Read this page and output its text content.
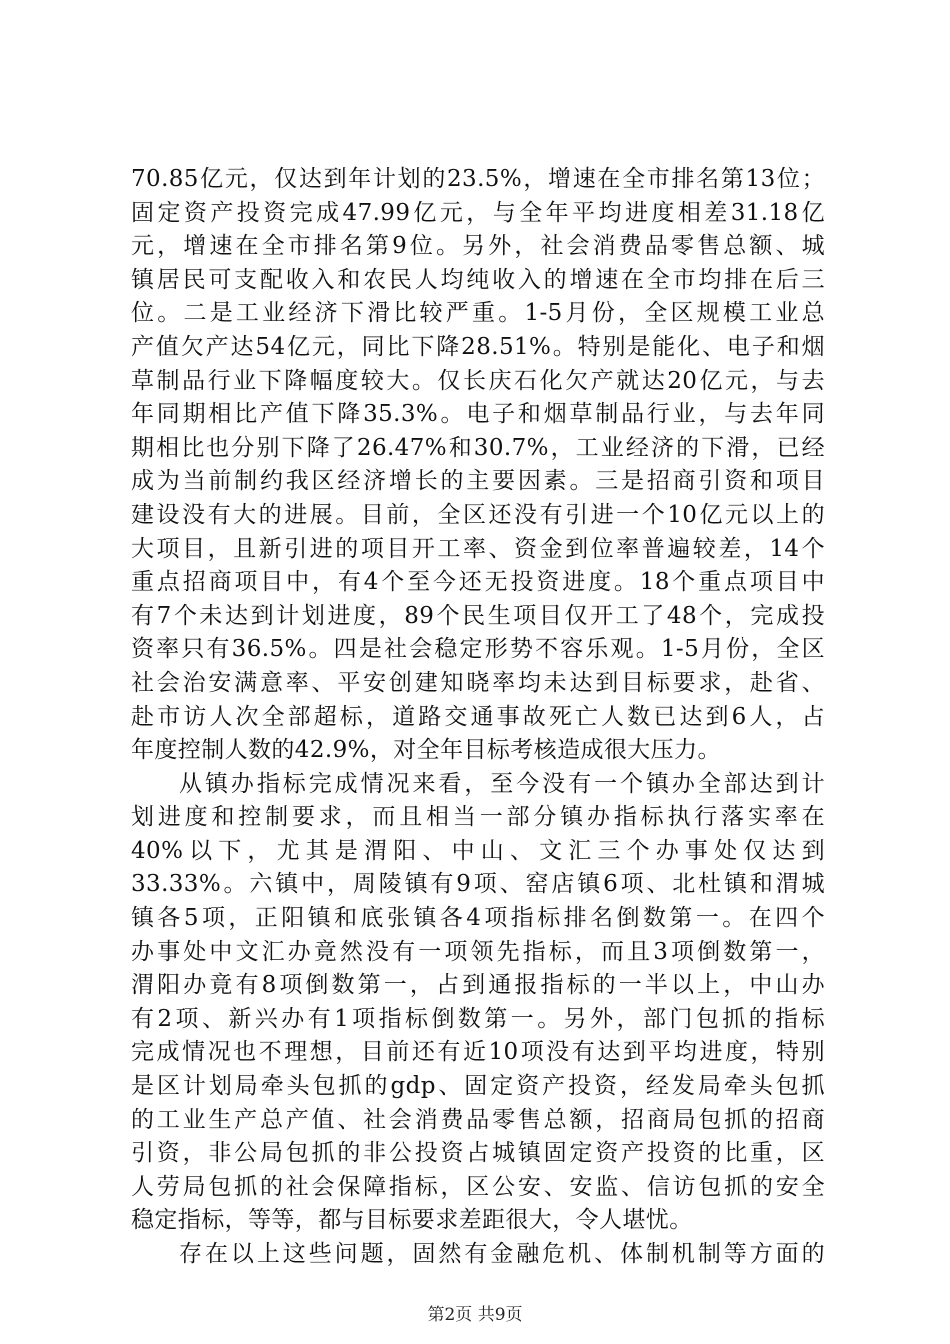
70.85亿元，仅达到年计划的23.5%，增速在全市排名第13位；
固定资产投资完成47.99亿元，与全年平均进度相差31.18亿
元，增速在全市排名第9位。另外，社会消费品零售总额、城
镇居民可支配收入和农民人均纯收入的增速在全市均排在后三
位。二是工业经济下滑比较严重。1-5月份，全区规模工业总
产值欠产达54亿元，同比下降28.51%。特别是能化、电子和烟
草制品行业下降幅度较大。仅长庆石化欠产就达20亿元，与去
年同期相比产值下降35.3%。电子和烟草制品行业，与去年同
期相比也分别下降了26.47%和30.7%，工业经济的下滑，已经
成为当前制约我区经济增长的主要因素。三是招商引资和项目
建设没有大的进展。目前，全区还没有引进一个10亿元以上的
大项目，且新引进的项目开工率、资金到位率普遍较差，14个
重点招商项目中，有4个至今还无投资进度。18个重点项目中
有7个未达到计划进度，89个民生项目仅开工了48个，完成投
资率只有36.5%。四是社会稳定形势不容乐观。1-5月份，全区
社会治安满意率、平安创建知晓率均未达到目标要求，赴省、
赴市访人次全部超标，道路交通事故死亡人数已达到6人，占
年度控制人数的42.9%，对全年目标考核造成很大压力。
从镇办指标完成情况来看，至今没有一个镇办全部达到计
划进度和控制要求，而且相当一部分镇办指标执行落实率在
40%以下，尤其是渭阳、中山、文汇三个办事处仅达到
33.33%。六镇中，周陵镇有9项、窑店镇6项、北杜镇和渭城
镇各5项，正阳镇和底张镇各4项指标排名倒数第一。在四个
办事处中文汇办竟然没有一项领先指标，而且3项倒数第一，
渭阳办竟有8项倒数第一，占到通报指标的一半以上，中山办
有2项、新兴办有1项指标倒数第一。另外，部门包抓的指标
完成情况也不理想，目前还有近10项没有达到平均进度，特别
是区计划局牵头包抓的gdp、固定资产投资，经发局牵头包抓
的工业生产总产值、社会消费品零售总额，招商局包抓的招商
引资，非公局包抓的非公投资占城镇固定资产投资的比重，区
人劳局包抓的社会保障指标，区公安、安监、信访包抓的安全
稳定指标，等等，都与目标要求差距很大，令人堪忧。
存在以上这些问题，固然有金融危机、体制机制等方面的
第2页 共9页
